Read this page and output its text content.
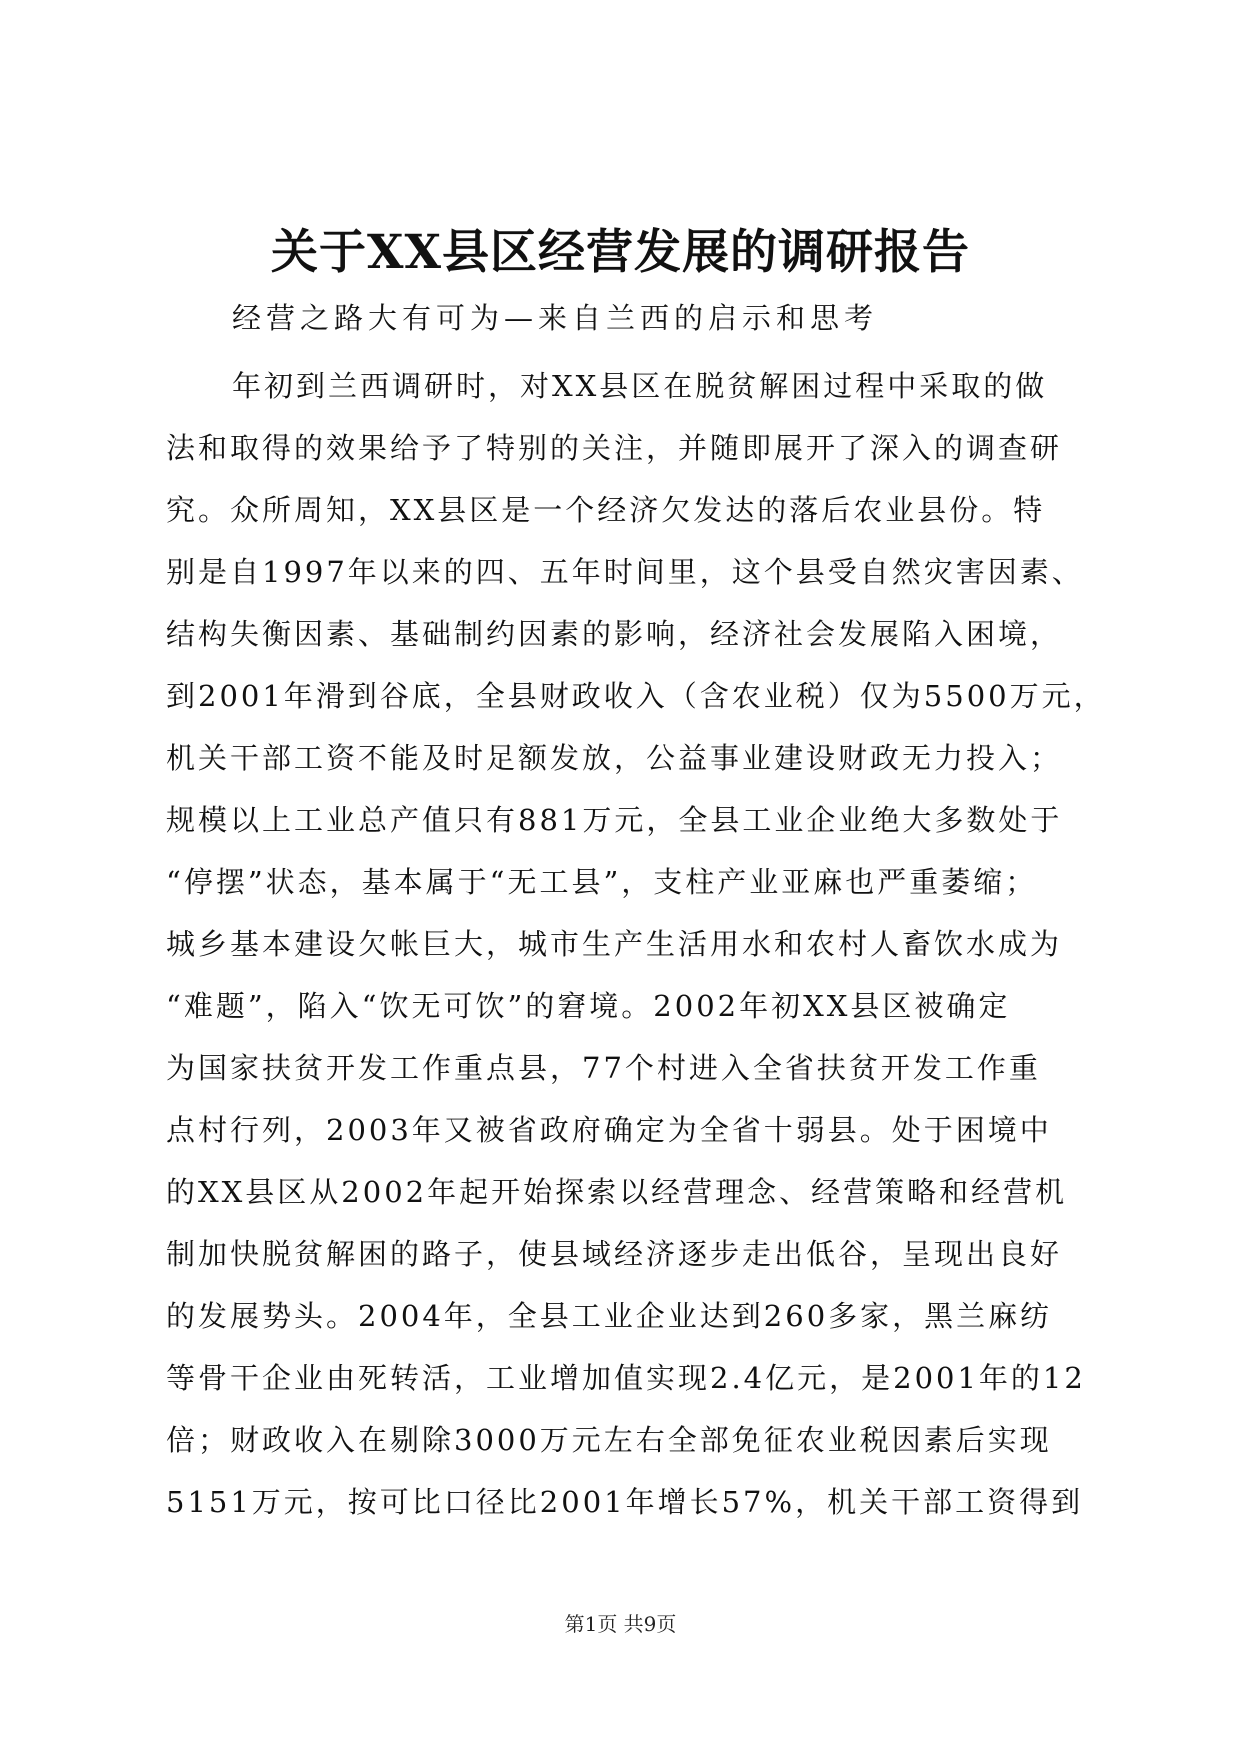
关于XX县区经营发展的调研报告
经营之路大有可为—来自兰西的启示和思考
年初到兰西调研时，对XX县区在脱贫解困过程中采取的做
法和取得的效果给予了特别的关注，并随即展开了深入的调查研
究。众所周知，XX县区是一个经济欠发达的落后农业县份。特
别是自1997年以来的四、五年时间里，这个县受自然灾害因素、
结构失衡因素、基础制约因素的影响，经济社会发展陷入困境，
到2001年滑到谷底，全县财政收入（含农业税）仅为5500万元，
机关干部工资不能及时足额发放，公益事业建设财政无力投入；
规模以上工业总产值只有881万元，全县工业企业绝大多数处于
“停摆”状态，基本属于“无工县”，支柱产业亚麻也严重萎缩；
城乡基本建设欠帐巨大，城市生产生活用水和农村人畜饮水成为
“难题”，陷入“饮无可饮”的窘境。2002年初XX县区被确定
为国家扶贫开发工作重点县，77个村进入全省扶贫开发工作重
点村行列，2003年又被省政府确定为全省十弱县。处于困境中
的XX县区从2002年起开始探索以经营理念、经营策略和经营机
制加快脱贫解困的路子，使县域经济逐步走出低谷，呈现出良好
的发展势头。2004年，全县工业企业达到260多家，黑兰麻纺
等骨干企业由死转活，工业增加值实现2.4亿元，是2001年的12
倍；财政收入在剔除3000万元左右全部免征农业税因素后实现
5151万元，按可比口径比2001年增长57%，机关干部工资得到
第1页 共9页
